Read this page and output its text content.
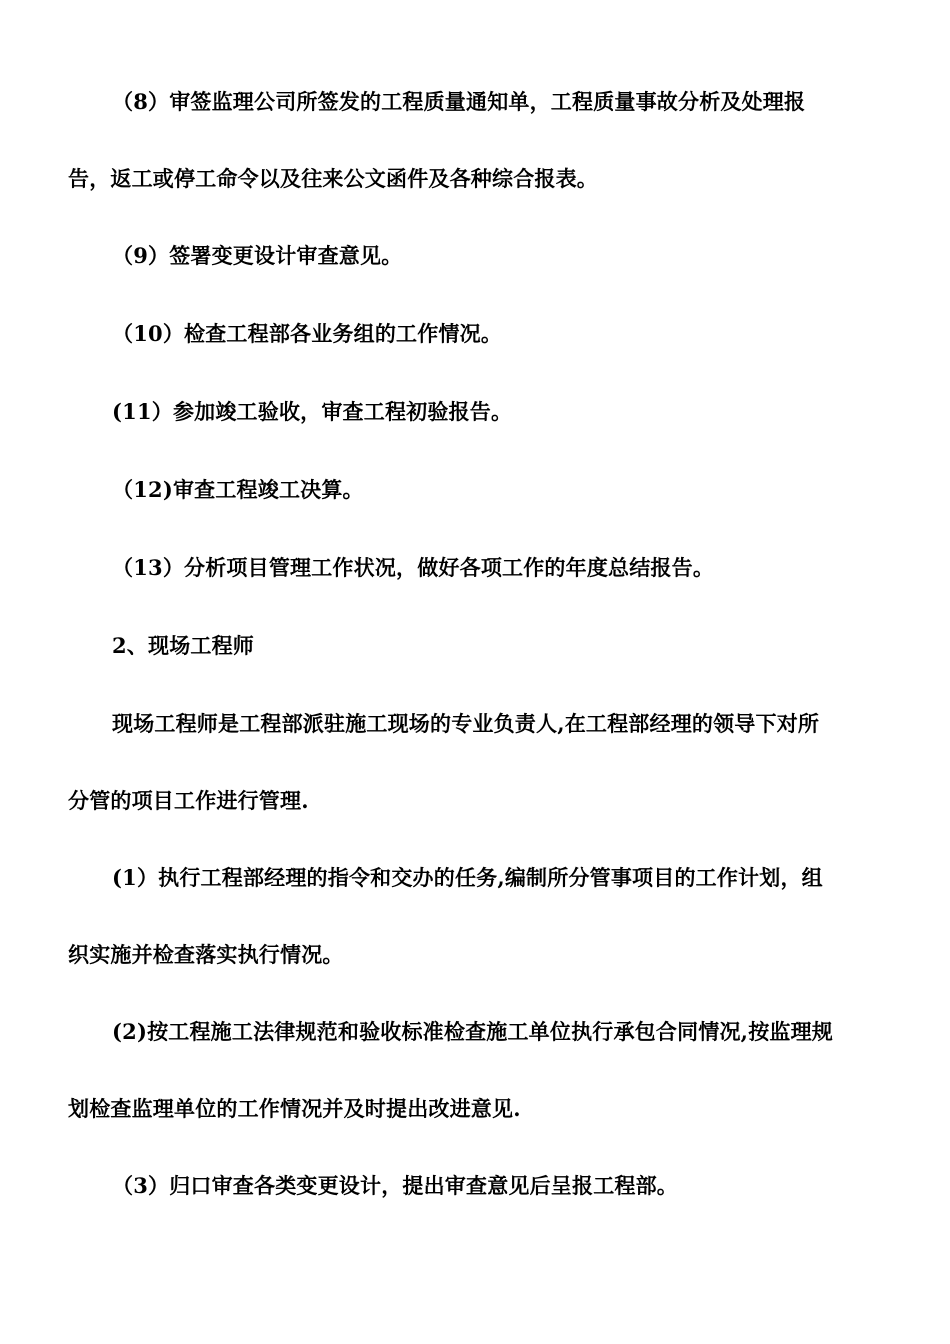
（8）审签监理公司所签发的工程质量通知单，工程质量事故分析及处理报
告，返工或停工命令以及往来公文函件及各种综合报表。
（9）签署变更设计审查意见。
（10）检查工程部各业务组的工作情况。
(11）参加竣工验收，审查工程初验报告。
（12)审查工程竣工决算。
（13）分析项目管理工作状况，做好各项工作的年度总结报告。
2、现场工程师
现场工程师是工程部派驻施工现场的专业负责人,在工程部经理的领导下对所
分管的项目工作进行管理.
(1）执行工程部经理的指令和交办的任务,编制所分管事项目的工作计划，组
织实施并检查落实执行情况。
(2)按工程施工法律规范和验收标准检查施工单位执行承包合同情况,按监理规
划检查监理单位的工作情况并及时提出改进意见.
（3）归口审查各类变更设计，提出审查意见后呈报工程部。
